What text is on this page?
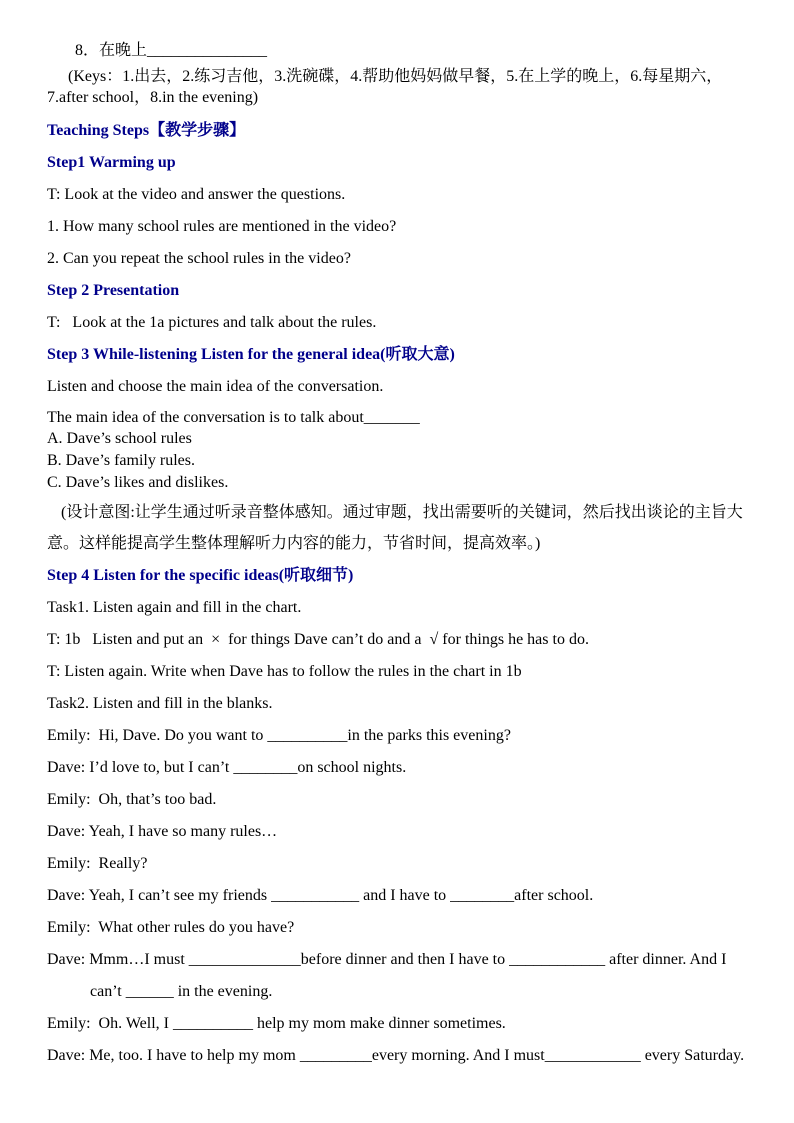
8．在晚上_______________

(Keys：1.出去，2.练习吉他，3.洗碗碟，4.帮助他妈妈做早餐，5.在上学的晚上，6.每星期六，7.after school，8.in the evening)

Teaching Steps【教学步骤】

Step1 Warming up

T: Look at the video and answer the questions.

1. How many school rules are mentioned in the video?

2. Can you repeat the school rules in the video?

Step 2 Presentation

T:   Look at the 1a pictures and talk about the rules.

Step 3 While-listening Listen for the general idea(听取大意)

Listen and choose the main idea of the conversation.

The main idea of the conversation is to talk about_______

A. Dave’s school rules

B. Dave’s family rules.

C. Dave’s likes and dislikes.

(设计意图:让学生通过听录音整体感知。通过审题，找出需要听的关键词，然后找出谈论的主旨大意。这样能提高学生整体理解听力内容的能力，节省时间，提高效率。)

Step 4 Listen for the specific ideas(听取细节)

Task1. Listen again and fill in the chart.

T: 1b   Listen and put an  ×  for things Dave can’t do and a  √ for things he has to do.

T: Listen again. Write when Dave has to follow the rules in the chart in 1b

Task2. Listen and fill in the blanks.

Emily:  Hi, Dave. Do you want to __________in the parks this evening?

Dave: I’d love to, but I can’t ________on school nights.

Emily:  Oh, that’s too bad.

Dave: Yeah, I have so many rules…

Emily:  Really?

Dave: Yeah, I can’t see my friends ___________ and I have to ________after school.

Emily:  What other rules do you have?

Dave: Mmm…I must ______________before dinner and then I have to ____________ after dinner. And I can’t ______ in the evening.

Emily:  Oh. Well, I __________ help my mom make dinner sometimes.

Dave: Me, too. I have to help my mom _________every morning. And I must____________ every Saturday.
